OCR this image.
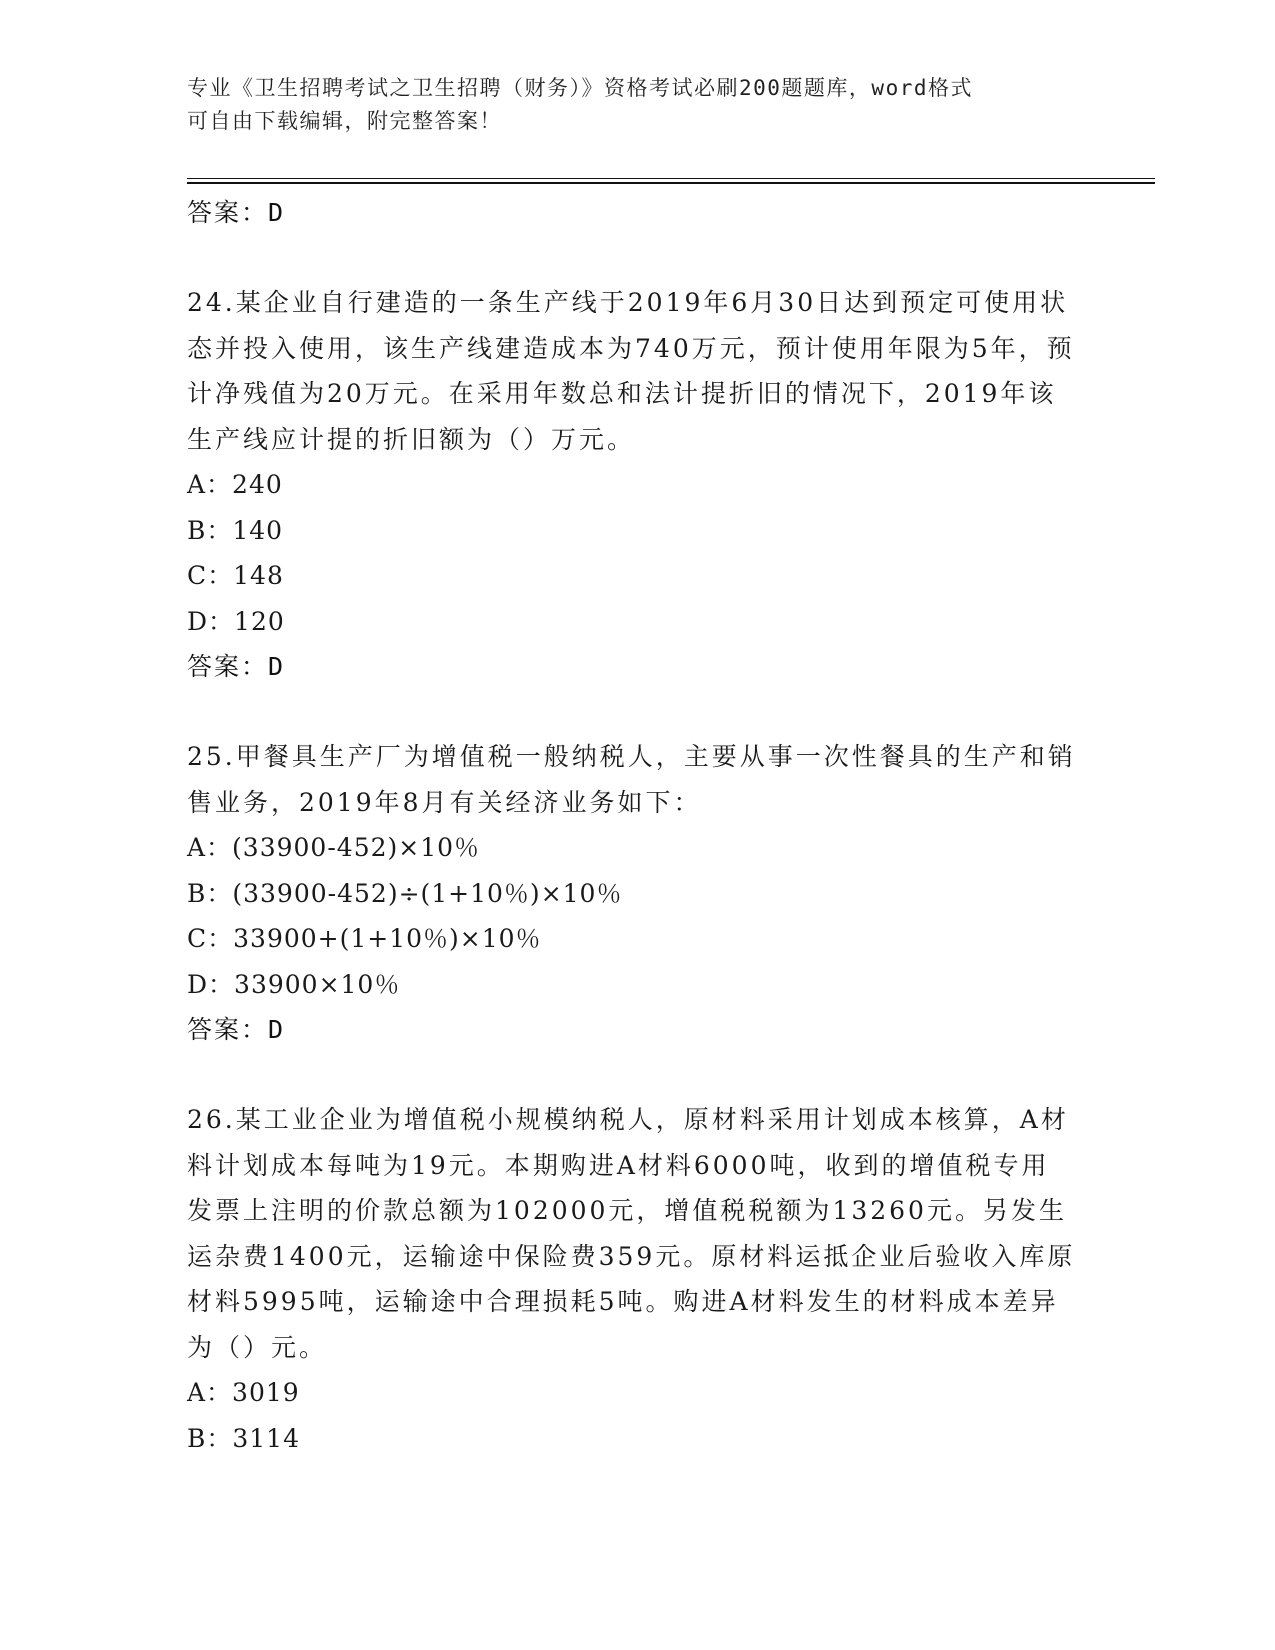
专业《卫生招聘考试之卫生招聘（财务）》资格考试必刷200题题库，word格式
可自由下载编辑，附完整答案！
答案：D
24.某企业自行建造的一条生产线于2019年6月30日达到预定可使用状态并投入使用，该生产线建造成本为740万元，预计使用年限为5年，预计净残值为20万元。在采用年数总和法计提折旧的情况下，2019年该生产线应计提的折旧额为（）万元。
A：240
B：140
C：148
D：120
答案：D
25.甲餐具生产厂为增值税一般纳税人，主要从事一次性餐具的生产和销售业务，2019年8月有关经济业务如下：
A：(33900-452)×10％
B：(33900-452)÷(1+10％)×10％
C：33900+(1+10％)×10％
D：33900×10％
答案：D
26.某工业企业为增值税小规模纳税人，原材料采用计划成本核算，A材料计划成本每吨为19元。本期购进A材料6000吨，收到的增值税专用发票上注明的价款总额为102000元，增值税税额为13260元。另发生运杂费1400元，运输途中保险费359元。原材料运抵企业后验收入库原材料5995吨，运输途中合理损耗5吨。购进A材料发生的材料成本差异为（）元。
A：3019
B：3114
